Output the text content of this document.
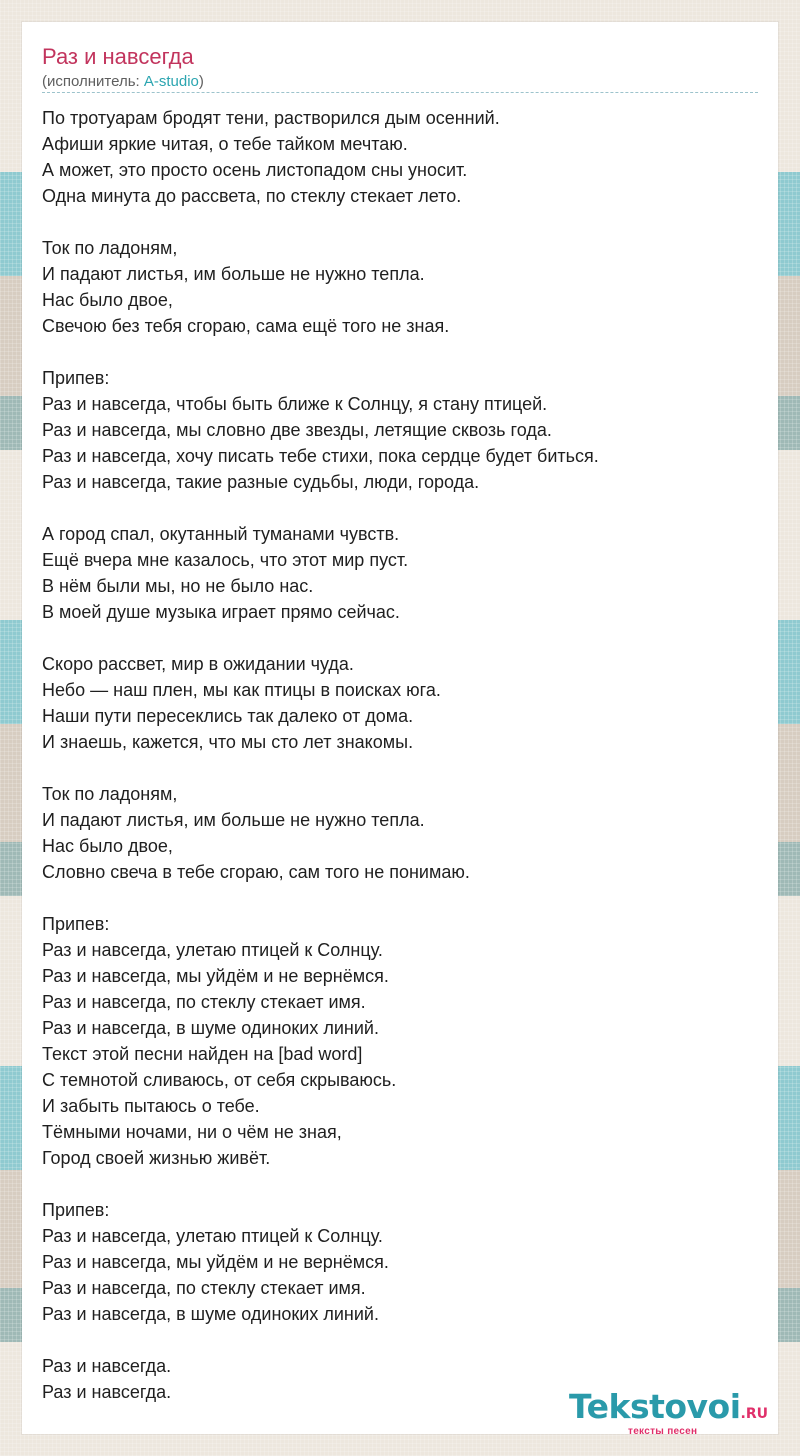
Раз и навсегда
(исполнитель: A-studio)
По тротуарам бродят тени, растворился дым осенний.
Афиши яркие читая, о тебе тайком мечтаю.
А может, это просто осень листопадом сны уносит.
Одна минута до рассвета, по стеклу стекает лето.
Ток по ладоням,
И падают листья, им больше не нужно тепла.
Нас было двое,
Свечою без тебя сгораю, сама ещё того не зная.
Припев:
Раз и навсегда, чтобы быть ближе к Солнцу, я стану птицей.
Раз и навсегда, мы словно две звезды, летящие сквозь года.
Раз и навсегда, хочу писать тебе стихи, пока сердце будет биться.
Раз и навсегда, такие разные судьбы, люди, города.
А город спал, окутанный туманами чувств.
Ещё вчера мне казалось, что этот мир пуст.
В нём были мы, но не было нас.
В моей душе музыка играет прямо сейчас.
Скоро рассвет, мир в ожидании чуда.
Небо — наш плен, мы как птицы в поисках юга.
Наши пути пересеклись так далеко от дома.
И знаешь, кажется, что мы сто лет знакомы.
Ток по ладоням,
И падают листья, им больше не нужно тепла.
Нас было двое,
Словно свеча в тебе сгораю, сам того не понимаю.
Припев:
Раз и навсегда, улетаю птицей к Солнцу.
Раз и навсегда, мы уйдём и не вернёмся.
Раз и навсегда, по стеклу стекает имя.
Раз и навсегда, в шуме одиноких линий.
Текст этой песни найден на [bad word]
С темнотой сливаюсь, от себя скрываюсь.
И забыть пытаюсь о тебе.
Тёмными ночами, ни о чём не зная,
Город своей жизнью живёт.
Припев:
Раз и навсегда, улетаю птицей к Солнцу.
Раз и навсегда, мы уйдём и не вернёмся.
Раз и навсегда, по стеклу стекает имя.
Раз и навсегда, в шуме одиноких линий.
Раз и навсегда.
Раз и навсегда.	Tekstovoi.RU
тексты песен
